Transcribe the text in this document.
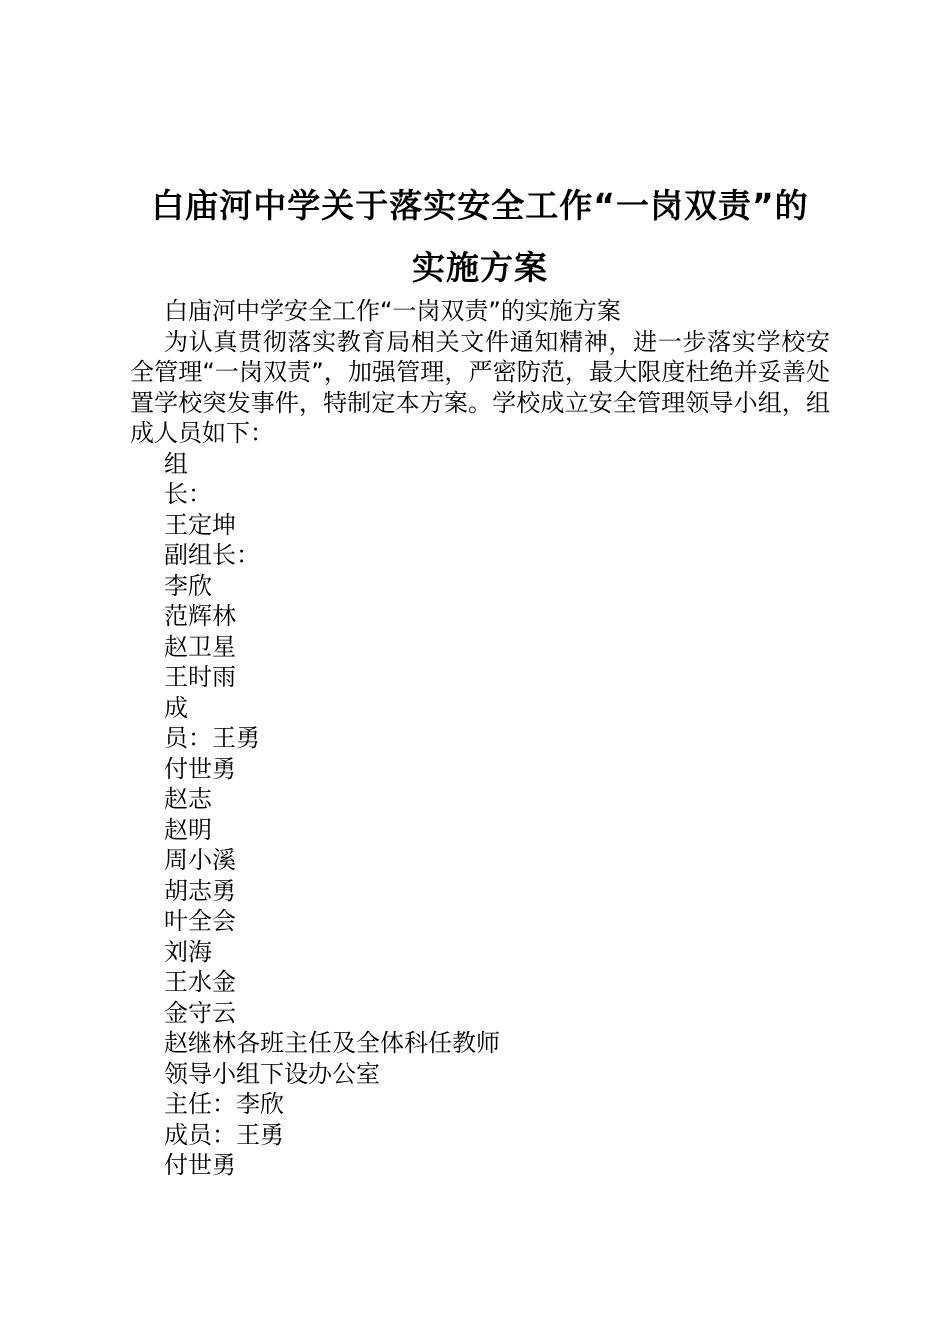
白庙河中学关于落实安全工作“一岗双责”的
实施方案

白庙河中学安全工作“一岗双责”的实施方案

为认真贯彻落实教育局相关文件通知精神，进一步落实学校安全管理“一岗双责”，加强管理，严密防范，最大限度杜绝并妥善处置学校突发事件，特制定本方案。学校成立安全管理领导小组，组成人员如下：

组

长：

王定坤

副组长：

李欣

范辉林

赵卫星

王时雨

成

员：王勇

付世勇

赵志

赵明

周小溪

胡志勇

叶全会

刘海

王水金

金守云

赵继林各班主任及全体科任教师

领导小组下设办公室

主任：李欣

成员：王勇

付世勇
